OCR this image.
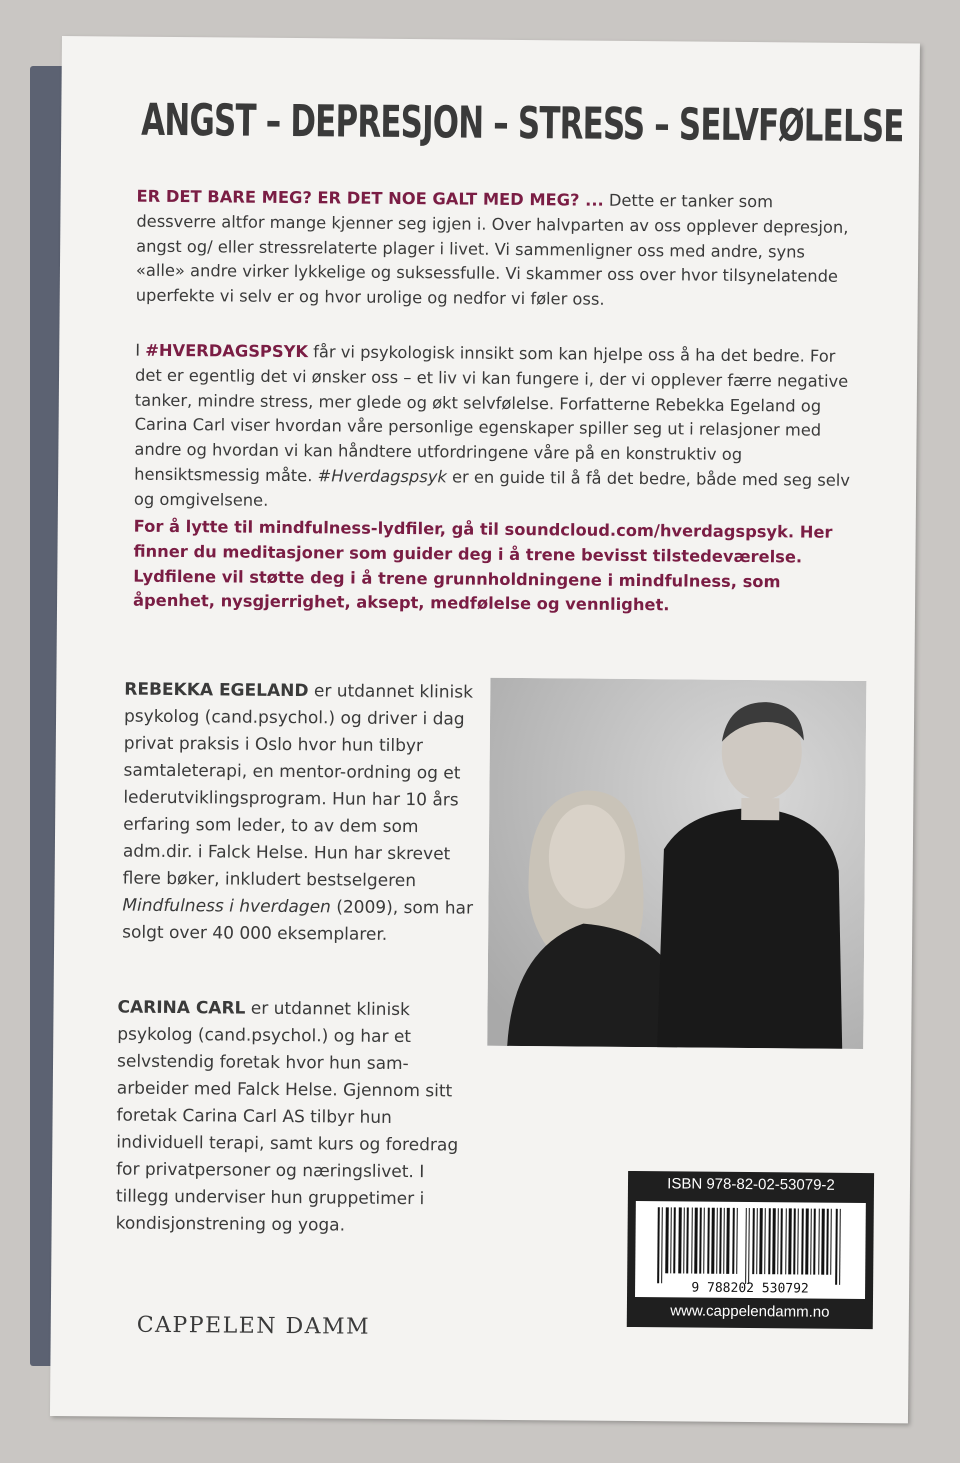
ANGST – DEPRESJON – STRESS – SELVFØLELSE
ER DET BARE MEG? ER DET NOE GALT MED MEG? ... Dette er tanker som dessverre altfor mange kjenner seg igjen i. Over halvparten av oss opplever depresjon, angst og/ eller stressrelaterte plager i livet. Vi sammenligner oss med andre, syns «alle» andre virker lykkelige og suksessfulle. Vi skammer oss over hvor tilsynelatende uperfekte vi selv er og hvor urolige og nedfor vi føler oss.
I #HVERDAGSPSYK får vi psykologisk innsikt som kan hjelpe oss å ha det bedre. For det er egentlig det vi ønsker oss – et liv vi kan fungere i, der vi opplever færre negative tanker, mindre stress, mer glede og økt selvfølelse. Forfatterne Rebekka Egeland og Carina Carl viser hvordan våre personlige egenskaper spiller seg ut i relasjoner med andre og hvordan vi kan håndtere utfordringene våre på en konstruktiv og hensiktsmessig måte. #Hverdagspsyk er en guide til å få det bedre, både med seg selv og omgivelsene.
For å lytte til mindfulness-lydfiler, gå til soundcloud.com/hverdagspsyk. Her finner du meditasjoner som guider deg i å trene bevisst tilstedeværelse. Lydfilene vil støtte deg i å trene grunnholdningene i mindfulness, som åpenhet, nysgjerrighet, aksept, medfølelse og vennlighet.
REBEKKA EGELAND er utdannet klinisk psykolog (cand.psychol.) og driver i dag privat praksis i Oslo hvor hun tilbyr samtaleterapi, en mentor-ordning og et lederutviklingsprogram. Hun har 10 års erfaring som leder, to av dem som adm.dir. i Falck Helse. Hun har skrevet flere bøker, inkludert bestselgeren Mindfulness i hverdagen (2009), som har solgt over 40 000 eksemplarer.
CARINA CARL er utdannet klinisk psykolog (cand.psychol.) og har et selvstendig foretak hvor hun sam-arbeider med Falck Helse. Gjennom sitt foretak Carina Carl AS tilbyr hun individuell terapi, samt kurs og foredrag for privatpersoner og næringslivet. I tillegg underviser hun gruppetimer i kondisjonstrening og yoga.
ISBN 978-82-02-53079-2
9 788202 530792
www.cappelendamm.no
CAPPELEN DAMM
